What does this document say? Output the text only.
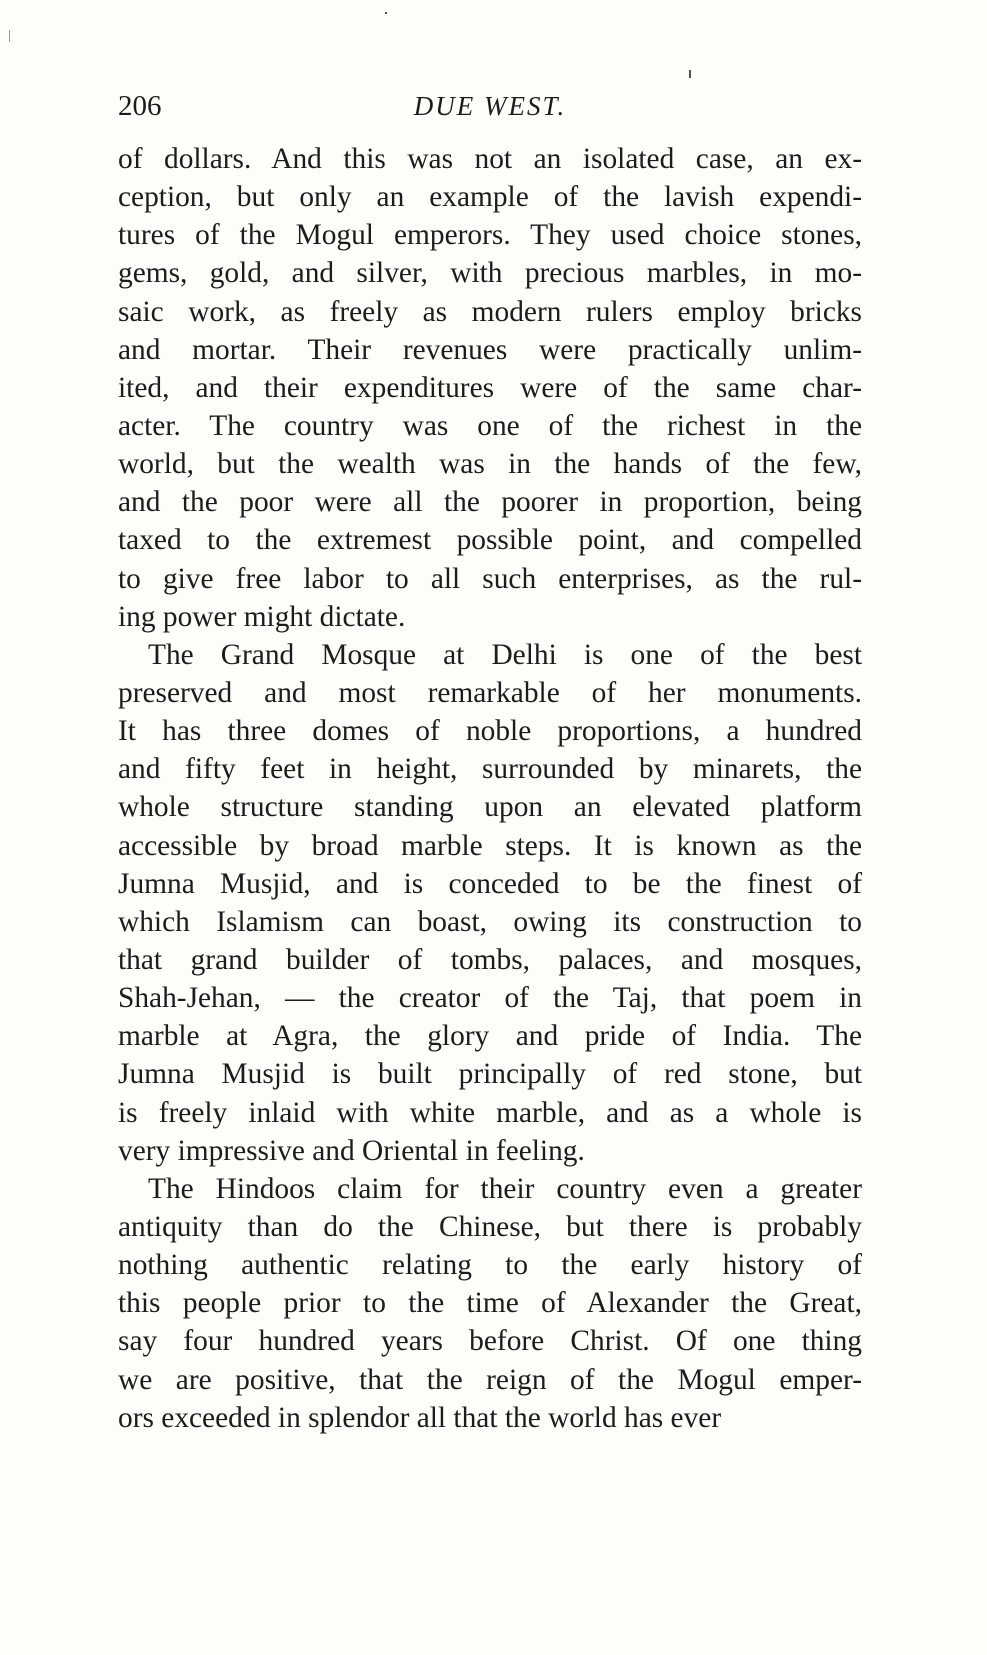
206	DUE WEST.
of dollars. And this was not an isolated case, an ex-
ception, but only an example of the lavish expendi-
tures of the Mogul emperors. They used choice stones,
gems, gold, and silver, with precious marbles, in mo-
saic work, as freely as modern rulers employ bricks
and mortar. Their revenues were practically unlim-
ited, and their expenditures were of the same char-
acter. The country was one of the richest in the
world, but the wealth was in the hands of the few,
and the poor were all the poorer in proportion, being
taxed to the extremest possible point, and compelled
to give free labor to all such enterprises, as the rul-
ing power might dictate.
The Grand Mosque at Delhi is one of the best
preserved and most remarkable of her monuments.
It has three domes of noble proportions, a hundred
and fifty feet in height, surrounded by minarets, the
whole structure standing upon an elevated platform
accessible by broad marble steps. It is known as the
Jumna Musjid, and is conceded to be the finest of
which Islamism can boast, owing its construction to
that grand builder of tombs, palaces, and mosques,
Shah-Jehan, — the creator of the Taj, that poem in
marble at Agra, the glory and pride of India. The
Jumna Musjid is built principally of red stone, but
is freely inlaid with white marble, and as a whole is
very impressive and Oriental in feeling.
The Hindoos claim for their country even a greater
antiquity than do the Chinese, but there is probably
nothing authentic relating to the early history of
this people prior to the time of Alexander the Great,
say four hundred years before Christ. Of one thing
we are positive, that the reign of the Mogul emper-
ors exceeded in splendor all that the world has ever
